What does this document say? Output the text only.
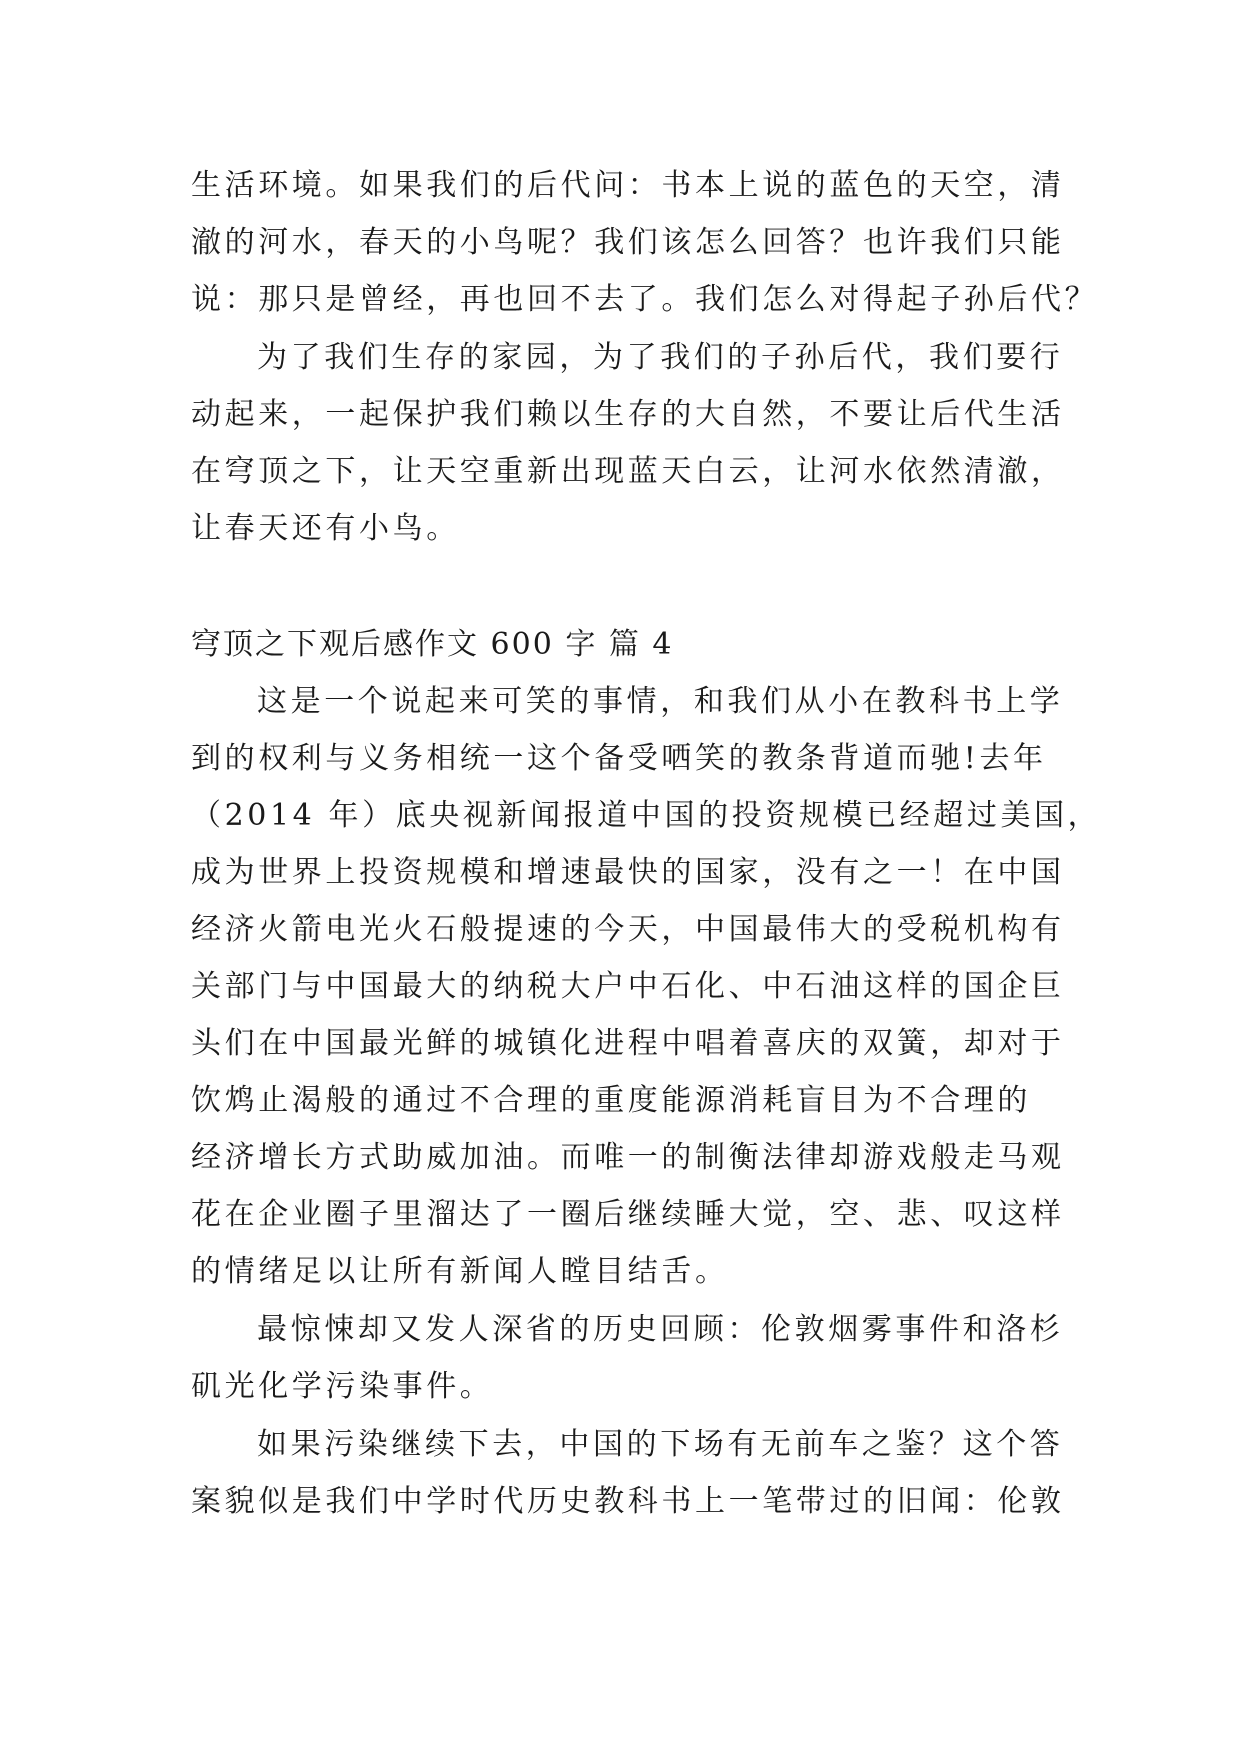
生活环境。如果我们的后代问：书本上说的蓝色的天空，清
澈的河水，春天的小鸟呢？我们该怎么回答？也许我们只能
说：那只是曾经，再也回不去了。我们怎么对得起子孙后代？
为了我们生存的家园，为了我们的子孙后代，我们要行
动起来，一起保护我们赖以生存的大自然，不要让后代生活
在穹顶之下，让天空重新出现蓝天白云，让河水依然清澈，
让春天还有小鸟。
穹顶之下观后感作文 600 字 篇 4
这是一个说起来可笑的事情，和我们从小在教科书上学
到的权利与义务相统一这个备受哂笑的教条背道而驰!去年
（2014 年）底央视新闻报道中国的投资规模已经超过美国，
成为世界上投资规模和增速最快的国家，没有之一！在中国
经济火箭电光火石般提速的今天，中国最伟大的受税机构有
关部门与中国最大的纳税大户中石化、中石油这样的国企巨
头们在中国最光鲜的城镇化进程中唱着喜庆的双簧，却对于
饮鸩止渴般的通过不合理的重度能源消耗盲目为不合理的
经济增长方式助威加油。而唯一的制衡法律却游戏般走马观
花在企业圈子里溜达了一圈后继续睡大觉，空、悲、叹这样
的情绪足以让所有新闻人瞠目结舌。
最惊悚却又发人深省的历史回顾：伦敦烟雾事件和洛杉
矶光化学污染事件。
如果污染继续下去，中国的下场有无前车之鉴？这个答
案貌似是我们中学时代历史教科书上一笔带过的旧闻：伦敦
